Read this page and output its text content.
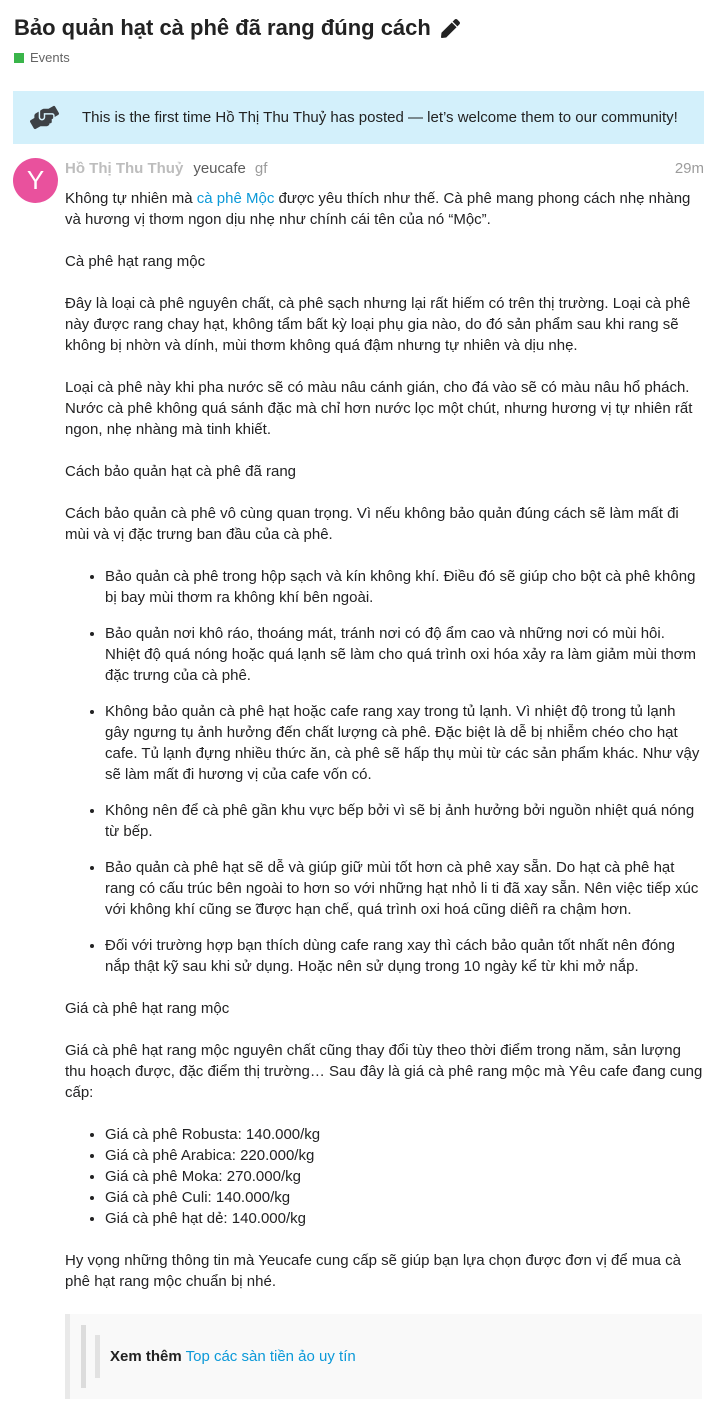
Bảo quản hạt cà phê đã rang đúng cách
Events
This is the first time Hồ Thị Thu Thuỷ has posted — let’s welcome them to our community!
Y	Hồ Thị Thu Thuỷ yeucafe gf	29m

Không tự nhiên mà cà phê Mộc được yêu thích như thế. Cà phê mang phong cách nhẹ nhàng và hương vị thơm ngon dịu nhẹ như chính cái tên của nó “Mộc”.

Cà phê hạt rang mộc

Đây là loại cà phê nguyên chất, cà phê sạch nhưng lại rất hiếm có trên thị trường. Loại cà phê này được rang chay hạt, không tẩm bất kỳ loại phụ gia nào, do đó sản phẩm sau khi rang sẽ không bị nhờn và dính, mùi thơm không quá đậm nhưng tự nhiên và dịu nhẹ.

Loại cà phê này khi pha nước sẽ có màu nâu cánh gián, cho đá vào sẽ có màu nâu hổ phách. Nước cà phê không quá sánh đặc mà chỉ hơn nước lọc một chút, nhưng hương vị tự nhiên rất ngon, nhẹ nhàng mà tinh khiết.

Cách bảo quản hạt cà phê đã rang

Cách bảo quản cà phê vô cùng quan trọng. Vì nếu không bảo quản đúng cách sẽ làm mất đi mùi và vị đặc trưng ban đầu của cà phê.

• Bảo quản cà phê trong hộp sạch và kín không khí. Điều đó sẽ giúp cho bột cà phê không bị bay mùi thơm ra không khí bên ngoài.
• Bảo quản nơi khô ráo, thoáng mát, tránh nơi có độ ẩm cao và những nơi có mùi hôi. Nhiệt độ quá nóng hoặc quá lạnh sẽ làm cho quá trình oxi hóa xảy ra làm giảm mùi thơm đặc trưng của cà phê.
• Không bảo quản cà phê hạt hoặc cafe rang xay trong tủ lạnh. Vì nhiệt độ trong tủ lạnh gây ngưng tụ ảnh hưởng đến chất lượng cà phê. Đặc biệt là dễ bị nhiễm chéo cho hạt cafe. Tủ lạnh đựng nhiều thức ăn, cà phê sẽ hấp thụ mùi từ các sản phẩm khác. Như vậy sẽ làm mất đi hương vị của cafe vốn có.
• Không nên để cà phê gần khu vực bếp bởi vì sẽ bị ảnh hưởng bởi nguồn nhiệt quá nóng từ bếp.
• Bảo quản cà phê hạt sẽ dễ và giúp giữ mùi tốt hơn cà phê xay sẵn. Do hạt cà phê hạt rang có cấu trúc bên ngoài to hơn so với những hạt nhỏ li ti đã xay sẵn. Nên việc tiếp xúc với không khí cũng se ̃được hạn chế, quá trình oxi hoá cũng diêñ ra chậm hơn.
• Đối với trường hợp bạn thích dùng cafe rang xay thì cách bảo quản tốt nhất nên đóng nắp thật kỹ sau khi sử dụng. Hoặc nên sử dụng trong 10 ngày kể từ khi mở nắp.

Giá cà phê hạt rang mộc

Giá cà phê hạt rang mộc nguyên chất cũng thay đổi tùy theo thời điểm trong năm, sản lượng thu hoạch được, đặc điểm thị trường… Sau đây là giá cà phê rang mộc mà Yêu cafe đang cung cấp:

• Giá cà phê Robusta: 140.000/kg
• Giá cà phê Arabica: 220.000/kg
• Giá cà phê Moka: 270.000/kg
• Giá cà phê Culi: 140.000/kg
• Giá cà phê hạt dẻ: 140.000/kg

Hy vọng những thông tin mà Yeucafe cung cấp sẽ giúp bạn lựa chọn được đơn vị để mua cà phê hạt rang mộc chuẩn bị nhé.

Xem thêm Top các sàn tiền ảo uy tín
